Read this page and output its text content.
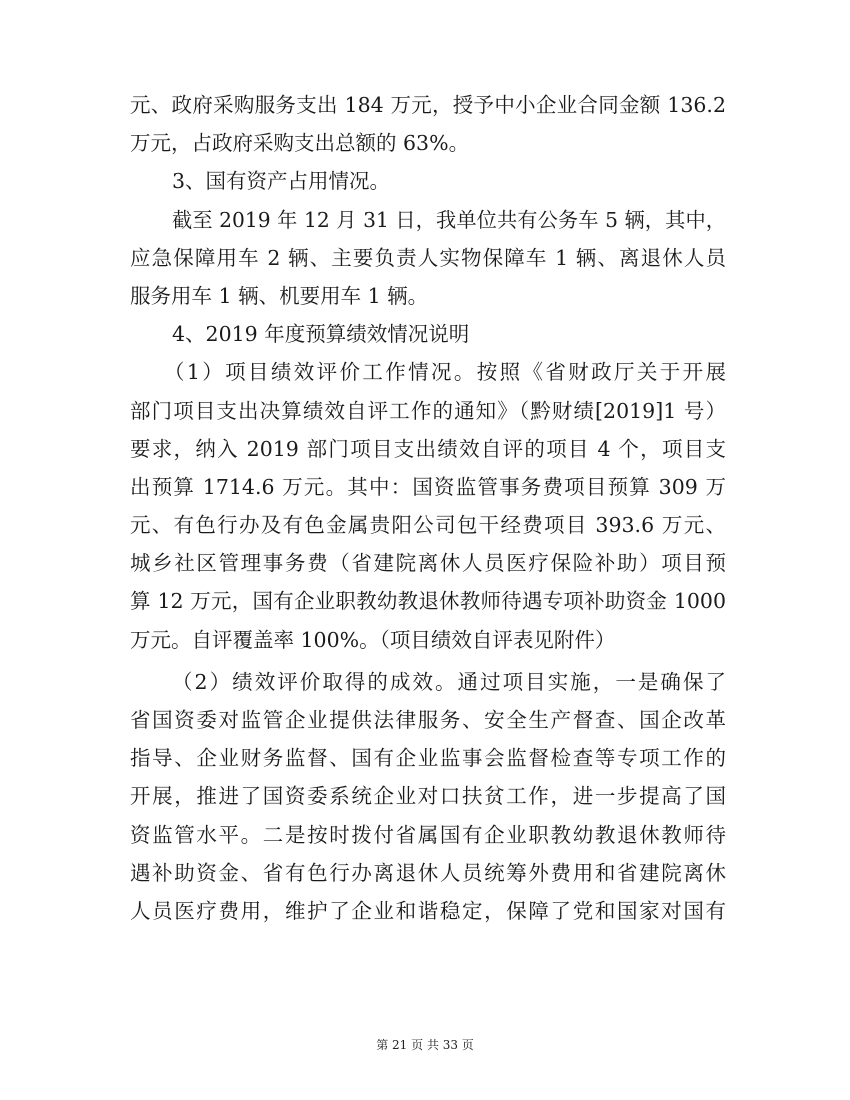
元、政府采购服务支出 184 万元，授予中小企业合同金额 136.2
万元，占政府采购支出总额的 63%。
3、国有资产占用情况。
截至 2019 年 12 月 31 日，我单位共有公务车 5 辆，其中，
应急保障用车 2 辆、主要负责人实物保障车 1 辆、离退休人员
服务用车 1 辆、机要用车 1 辆。
4、2019 年度预算绩效情况说明
（1）项目绩效评价工作情况。按照《省财政厅关于开展
部门项目支出决算绩效自评工作的通知》（黔财绩[2019]1 号）
要求，纳入 2019 部门项目支出绩效自评的项目 4 个，项目支
出预算 1714.6 万元。其中：国资监管事务费项目预算 309 万
元、有色行办及有色金属贵阳公司包干经费项目 393.6 万元、
城乡社区管理事务费（省建院离休人员医疗保险补助）项目预
算 12 万元，国有企业职教幼教退休教师待遇专项补助资金 1000
万元。自评覆盖率 100%。（项目绩效自评表见附件）
（2）绩效评价取得的成效。通过项目实施，一是确保了
省国资委对监管企业提供法律服务、安全生产督查、国企改革
指导、企业财务监督、国有企业监事会监督检查等专项工作的
开展，推进了国资委系统企业对口扶贫工作，进一步提高了国
资监管水平。二是按时拨付省属国有企业职教幼教退休教师待
遇补助资金、省有色行办离退休人员统筹外费用和省建院离休
人员医疗费用，维护了企业和谐稳定，保障了党和国家对国有
第 21 页 共 33 页
